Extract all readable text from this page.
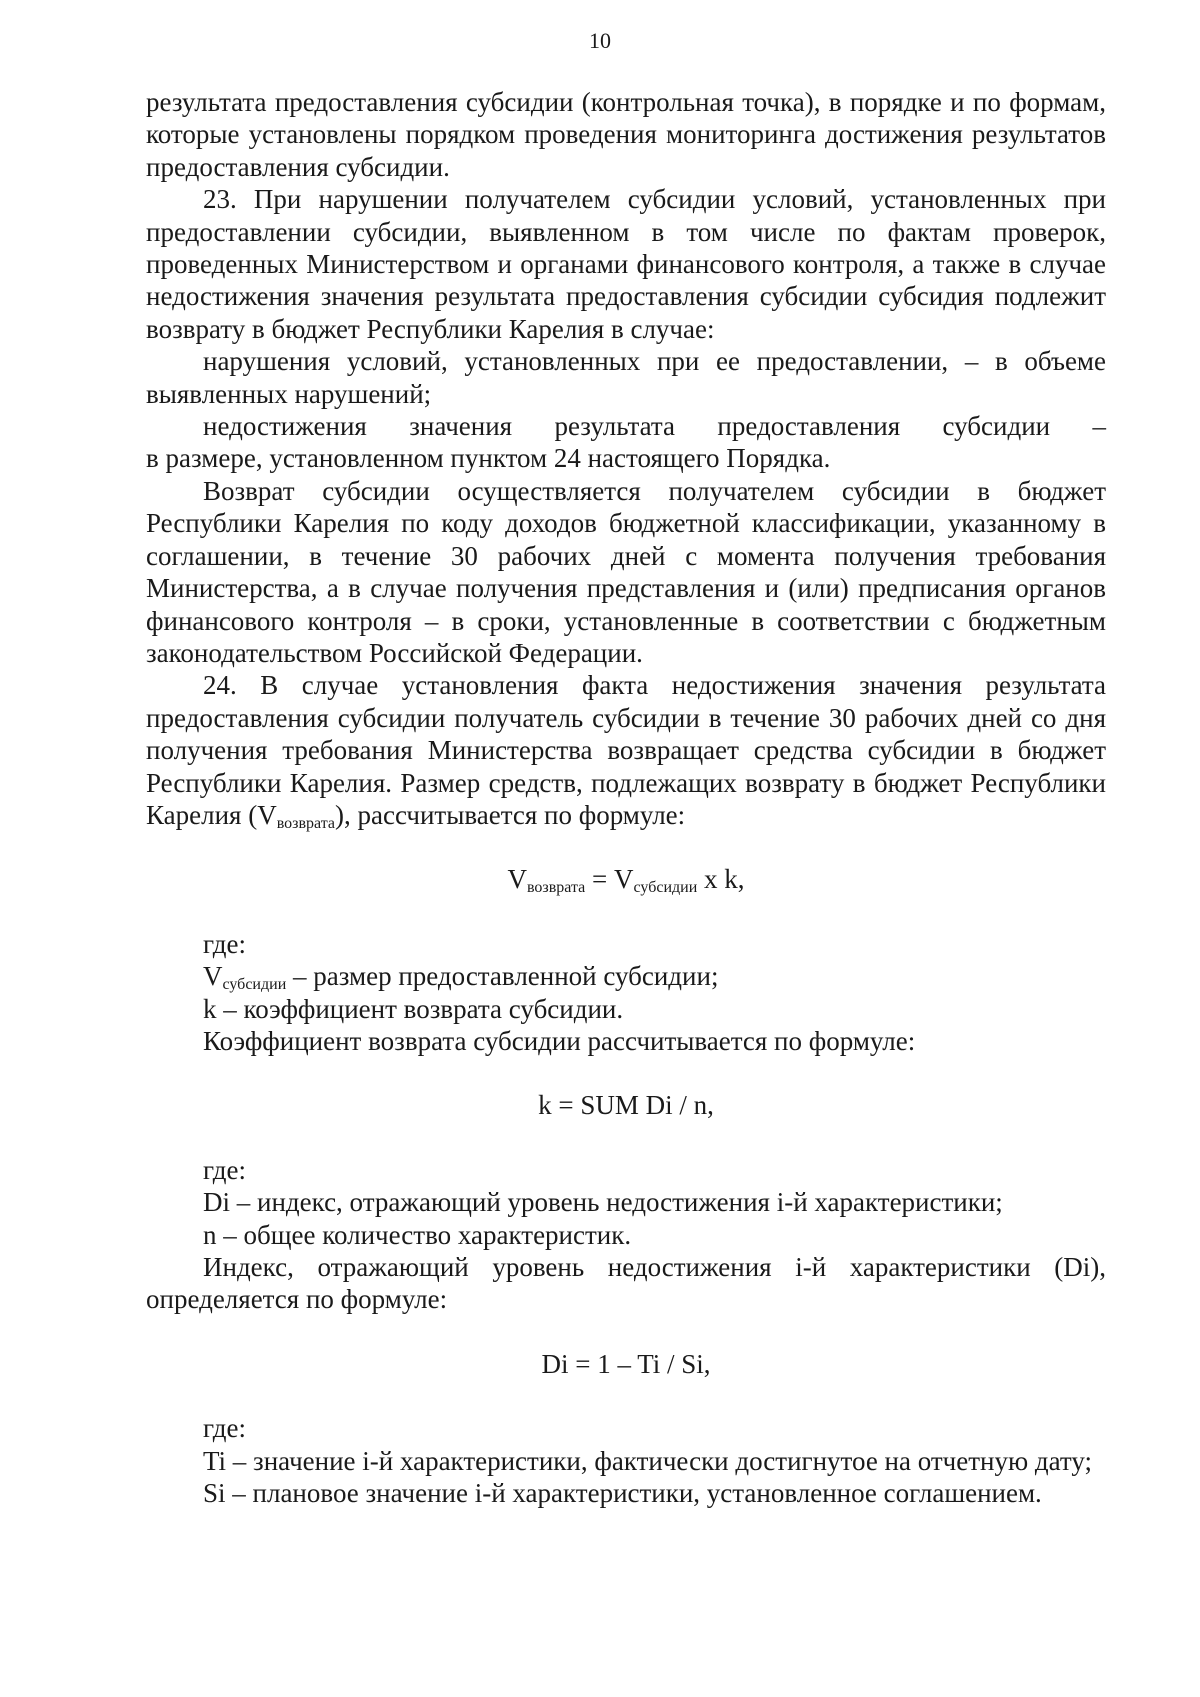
10

результата предоставления субсидии (контрольная точка), в порядке и по формам, которые установлены порядком проведения мониторинга достижения результатов предоставления субсидии.

23. При нарушении получателем субсидии условий, установленных при предоставлении субсидии, выявленном в том числе по фактам проверок, проведенных Министерством и органами финансового контроля, а также в случае недостижения значения результата предоставления субсидии субсидия подлежит возврату в бюджет Республики Карелия в случае:

нарушения условий, установленных при ее предоставлении, – в объеме выявленных нарушений;

недостижения значения результата предоставления субсидии –

в размере, установленном пунктом 24 настоящего Порядка.

Возврат субсидии осуществляется получателем субсидии в бюджет Республики Карелия по коду доходов бюджетной классификации, указанному в соглашении, в течение 30 рабочих дней с момента получения требования Министерства, а в случае получения представления и (или) предписания органов финансового контроля – в сроки, установленные в соответствии с бюджетным законодательством Российской Федерации.

24. В случае установления факта недостижения значения результата предоставления субсидии получатель субсидии в течение 30 рабочих дней со дня получения требования Министерства возвращает средства субсидии в бюджет Республики Карелия. Размер средств, подлежащих возврату в бюджет Республики Карелия $(V_{возврата})$, рассчитывается по формуле:

$V_{возврата} = V_{субсидии}$ x k,

где:

$V_{субсидии}$ – размер предоставленной субсидии;

k – коэффициент возврата субсидии.

Коэффициент возврата субсидии рассчитывается по формуле:

k = SUM Di / n,

где:

Di – индекс, отражающий уровень недостижения i-й характеристики;

n – общее количество характеристик.

Индекс, отражающий уровень недостижения i-й характеристики (Di), определяется по формуле:

Di = 1 – Ti / Si,

где:

Ti – значение i-й характеристики, фактически достигнутое на отчетную дату;

Si – плановое значение i-й характеристики, установленное соглашением.
